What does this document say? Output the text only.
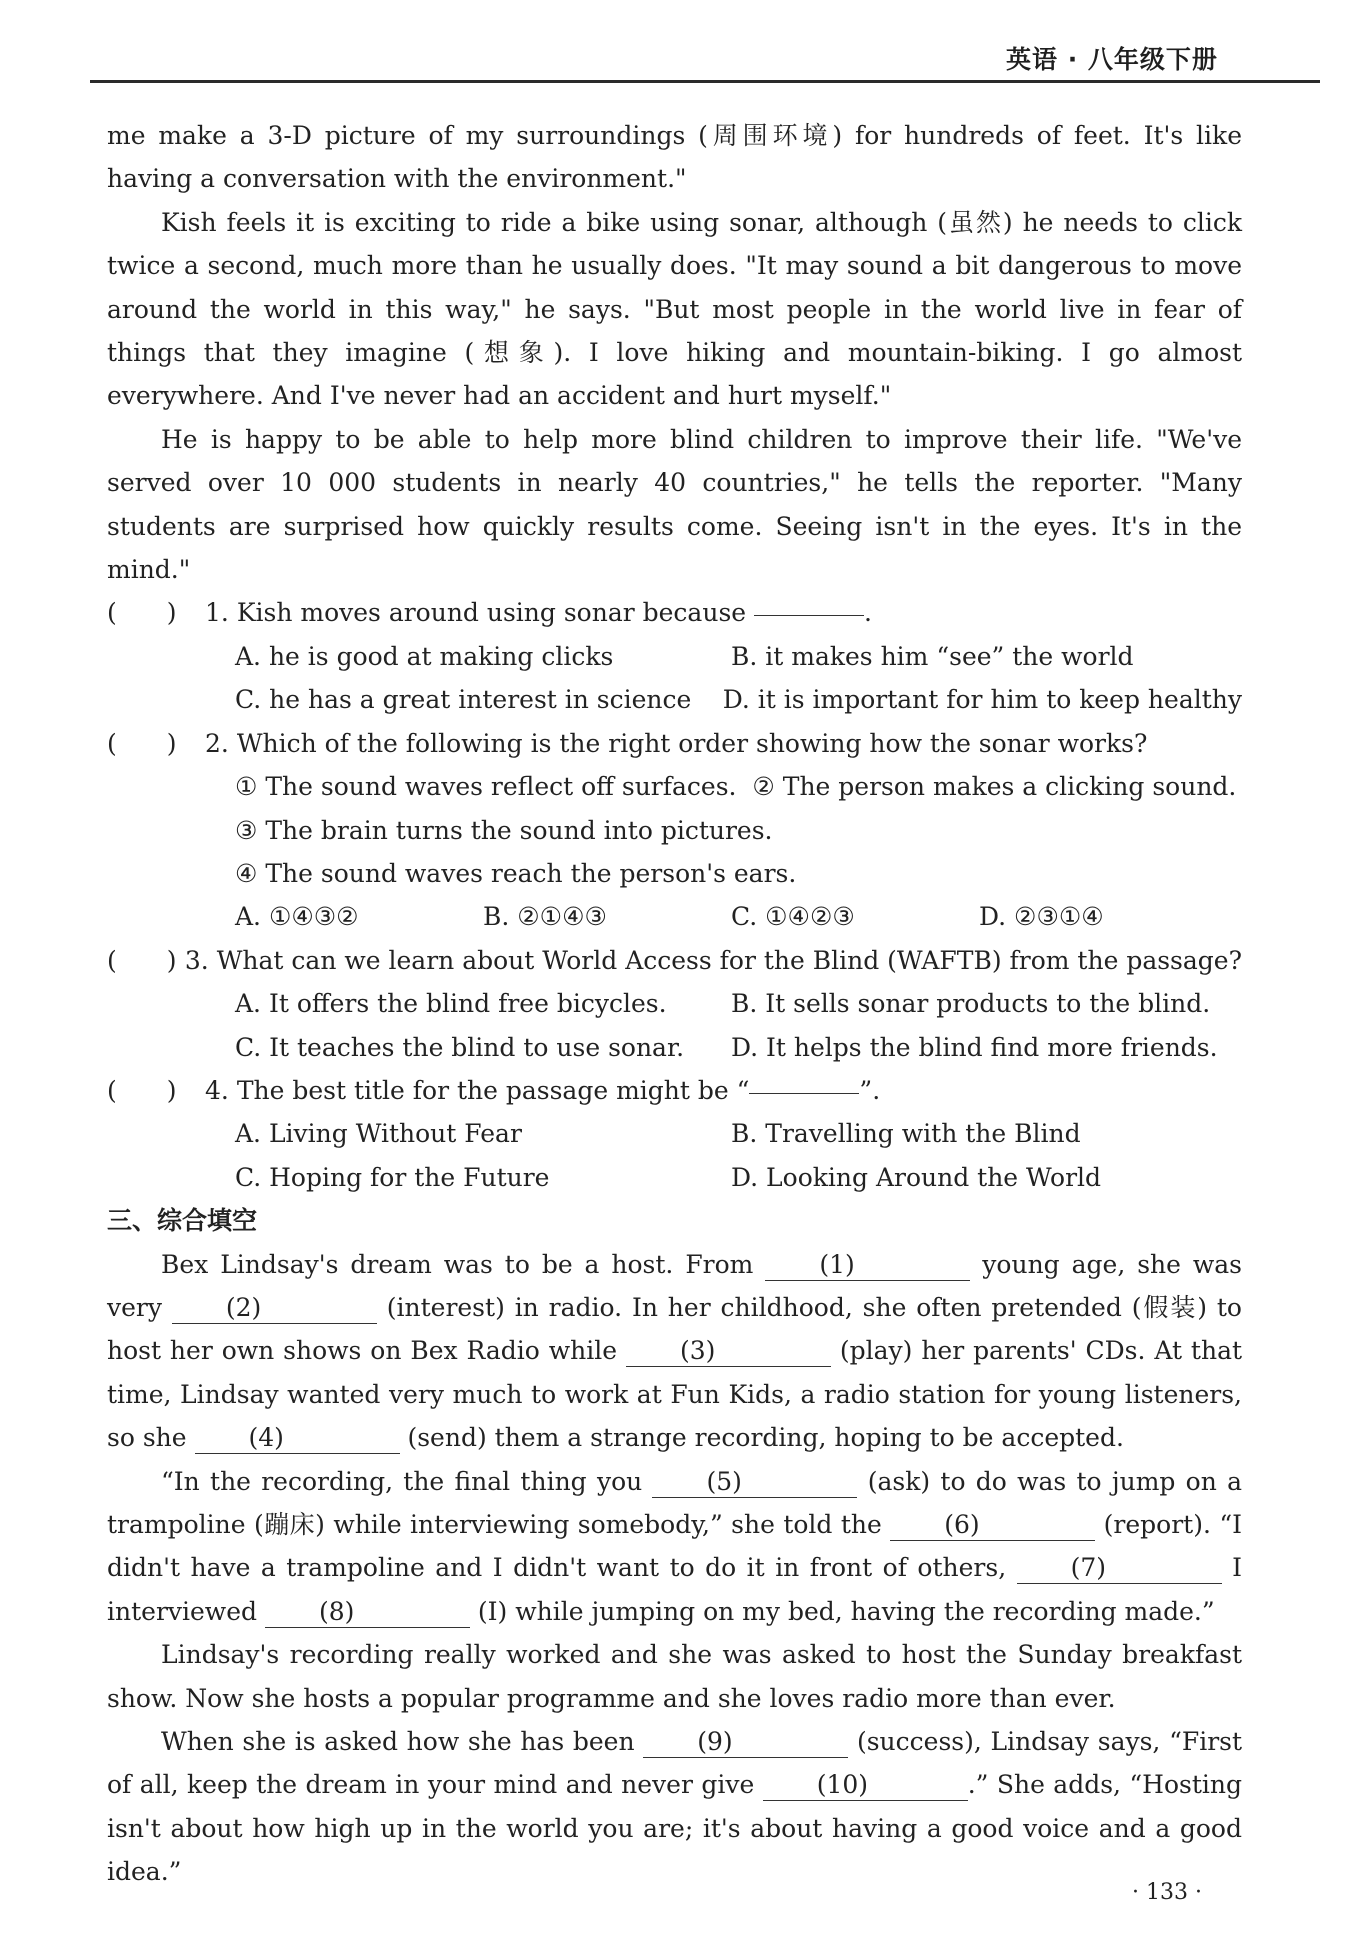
英语 · 八年级下册

me make a 3-D picture of my surroundings (周围环境) for hundreds of feet. It's like having a conversation with the environment."

Kish feels it is exciting to ride a bike using sonar, although (虽然) he needs to click twice a second, much more than he usually does. "It may sound a bit dangerous to move around the world in this way," he says. "But most people in the world live in fear of things that they imagine (想象). I love hiking and mountain-biking. I go almost everywhere. And I've never had an accident and hurt myself."

He is happy to be able to help more blind children to improve their life. "We've served over 10 000 students in nearly 40 countries," he tells the reporter. "Many students are surprised how quickly results come. Seeing isn't in the eyes. It's in the mind."

(　　)	1.
Kish moves around using sonar because
	.
A. he is good at making clicks	B. it makes him “see” the world
C. he has a great interest in science	D. it is important for him to keep healthy
(　　)	2.
Which of the following is the right order showing how the sonar works?
① The sound waves reflect off surfaces.
② The person makes a clicking sound.
③ The brain turns the sound into pictures.
④ The sound waves reach the person's ears.
A. ①④③②	B. ②①④③	C. ①④②③	D. ②③①④
(　　) 3.
What can we learn about World Access for the Blind (WAFTB) from the passage?
A. It offers the blind free bicycles.	B. It sells sonar products to the blind.
C. It teaches the blind to use sonar.	D. It helps the blind find more friends.
(　　)	4.
The best title for the passage might be “	”.
A. Living Without Fear	B. Travelling with the Blind
C. Hoping for the Future	D. Looking Around the World

三、综合填空

Bex Lindsay's dream was to be a host. From	(1)	young age, she was very	(2)	(interest) in radio. In her childhood, she often pretended (假装) to host her own shows on Bex Radio while	(3)	(play) her parents' CDs. At that time, Lindsay wanted very much to work at Fun Kids, a radio station for young listeners, so she (4)	(send) them a strange recording, hoping to be accepted.

“In the recording, the final thing you	(5)	(ask) to do was to jump on a trampoline (蹦床) while interviewing somebody,” she told the (6)	(report). “I didn't have a trampoline and I didn't want to do it in front of others,	(7)	I interviewed (8)	(I) while jumping on my bed, having the recording made.”

Lindsay's recording really worked and she was asked to host the Sunday breakfast show. Now she hosts a popular programme and she loves radio more than ever.

When she is asked how she has been	(9)	(success), Lindsay says, “First of all, keep the dream in your mind and never give (10)	.” She adds, “Hosting isn't about how high up in the world you are; it's about having a good voice and a good idea.”

· 133 ·
